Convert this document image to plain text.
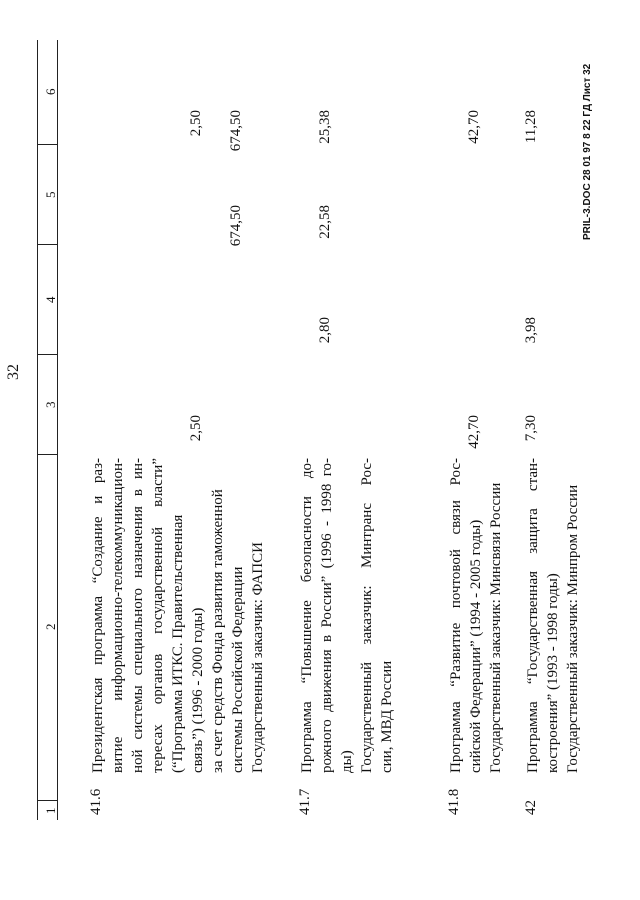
32
1
2
3
4
5
6
41.6
Президентская программа “Создание и раз- витие информационно-телекоммуникацион- ной системы специального назначения в ин- тересах органов государственной власти” (“Программа ИТКС. Правительственная связь”) (1996 - 2000 годы) за счет средств Фонда развития таможенной системы Российской Федерации Государственный заказчик: ФАПСИ
2,50
2,50
674,50
674,50
41.7
Программа “Повышение безопасности до- рожного движения в России” (1996 - 1998 го- ды) Государственный заказчик: Минтранс Рос- сии, МВД России
2,80
22,58
25,38
41.8
Программа “Развитие почтовой связи Рос- сийской Федерации” (1994 - 2005 годы) Государственный заказчик: Минсвязи России
42,70
42,70
42
Программа “Государственная защита стан- костроения” (1993 - 1998 годы) Государственный заказчик: Минпром России
7,30
3,98
11,28	PRIL-3.DOC 28 01 97 8 22 ГД Лист 32
